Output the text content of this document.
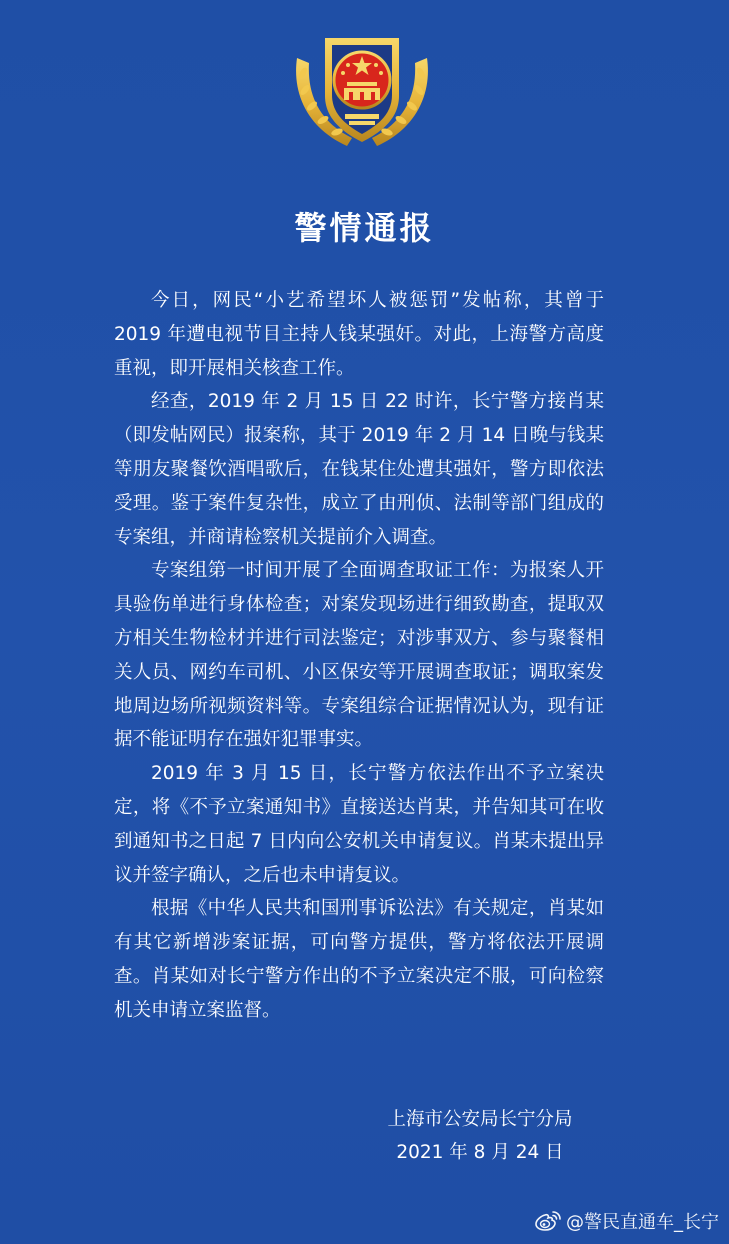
警情通报

今日，网民“小艺希望坏人被惩罚”发帖称，其曾于 2019 年遭电视节目主持人钱某强奸。对此，上海警方高度重视，即开展相关核查工作。

经查，2019 年 2 月 15 日 22 时许，长宁警方接肖某（即发帖网民）报案称，其于 2019 年 2 月 14 日晚与钱某等朋友聚餐饮酒唱歌后，在钱某住处遭其强奸，警方即依法受理。鉴于案件复杂性，成立了由刑侦、法制等部门组成的专案组，并商请检察机关提前介入调查。

专案组第一时间开展了全面调查取证工作：为报案人开具验伤单进行身体检查；对案发现场进行细致勘查，提取双方相关生物检材并进行司法鉴定；对涉事双方、参与聚餐相关人员、网约车司机、小区保安等开展调查取证；调取案发地周边场所视频资料等。专案组综合证据情况认为，现有证据不能证明存在强奸犯罪事实。

2019 年 3 月 15 日，长宁警方依法作出不予立案决定，将《不予立案通知书》直接送达肖某，并告知其可在收到通知书之日起 7 日内向公安机关申请复议。肖某未提出异议并签字确认，之后也未申请复议。

根据《中华人民共和国刑事诉讼法》有关规定，肖某如有其它新增涉案证据，可向警方提供，警方将依法开展调查。肖某如对长宁警方作出的不予立案决定不服，可向检察机关申请立案监督。

上海市公安局长宁分局
2021 年 8 月 24 日
@警民直通车_长宁
